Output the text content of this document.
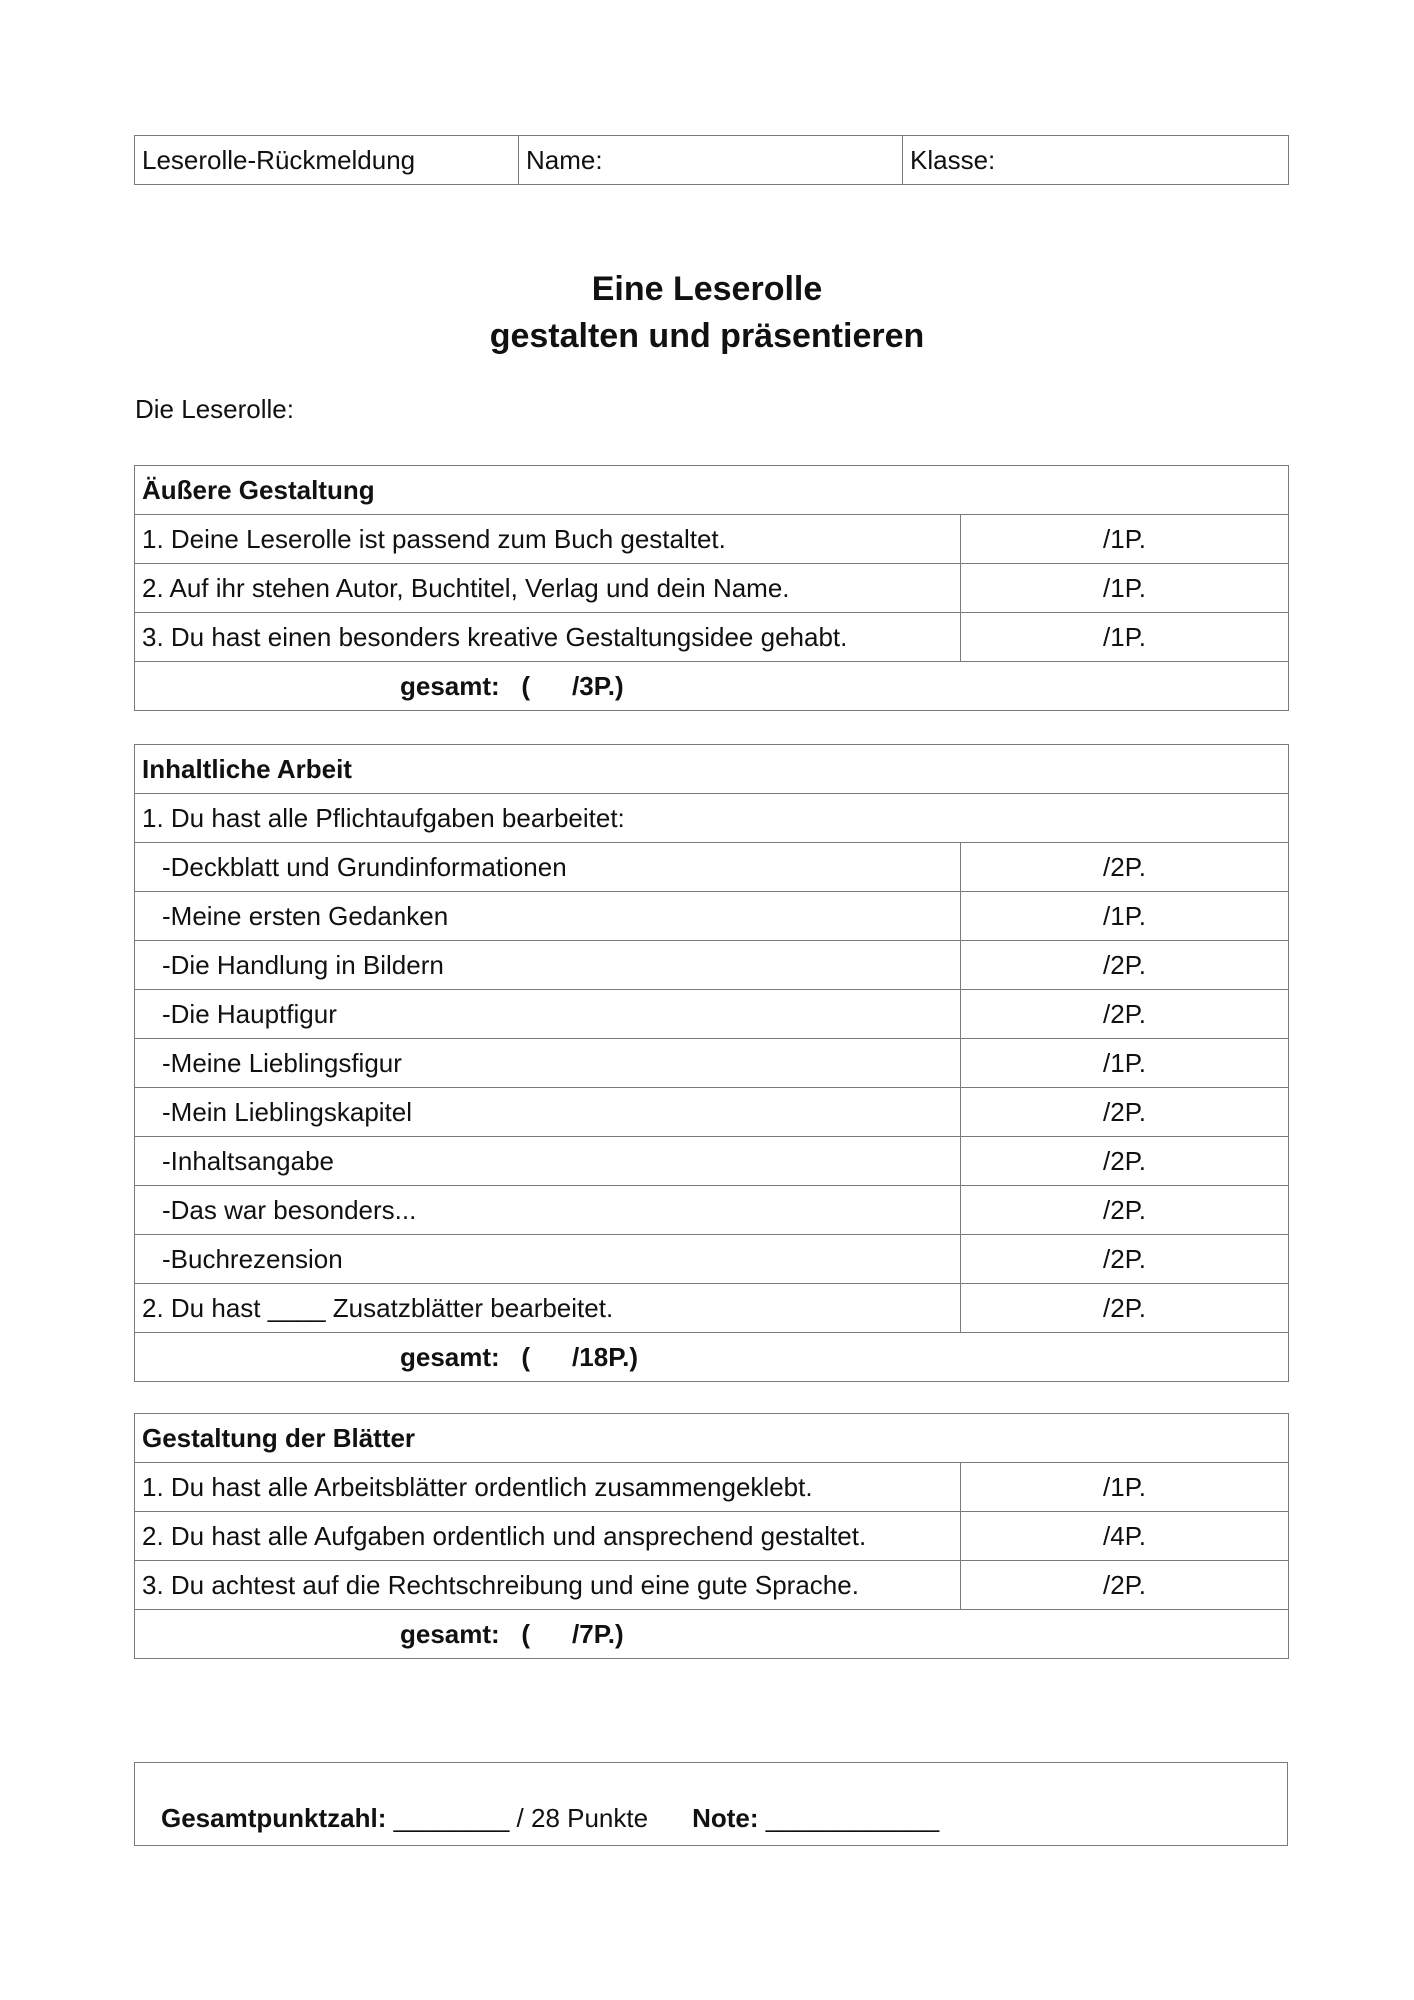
Leserolle-Rückmeldung	Name:	Klasse:
Eine Leserolle
gestalten und präsentieren
Die Leserolle:
Äußere Gestaltung	
1. Deine Leserolle ist passend zum Buch gestaltet.	/1P.
2. Auf ihr stehen Autor, Buchtitel, Verlag und dein Name.	/1P.
3. Du hast einen besonders kreative Gestaltungsidee gehabt.	/1P.
gesamt: ( /3P.)	
Inhaltliche Arbeit	
1. Du hast alle Pflichtaufgaben bearbeitet:	
-Deckblatt und Grundinformationen	/2P.
-Meine ersten Gedanken	/1P.
-Die Handlung in Bildern	/2P.
-Die Hauptfigur	/2P.
-Meine Lieblingsfigur	/1P.
-Mein Lieblingskapitel	/2P.
-Inhaltsangabe	/2P.
-Das war besonders...	/2P.
-Buchrezension	/2P.
2. Du hast ____ Zusatzblätter bearbeitet.	/2P.
gesamt: ( /18P.)	
Gestaltung der Blätter	
1. Du hast alle Arbeitsblätter ordentlich zusammengeklebt.	/1P.
2. Du hast alle Aufgaben ordentlich und ansprechend gestaltet.	/4P.
3. Du achtest auf die Rechtschreibung und eine gute Sprache.	/2P.
gesamt: ( /7P.)	
Gesamtpunktzahl: ________ / 28 Punkte Note: ____________
